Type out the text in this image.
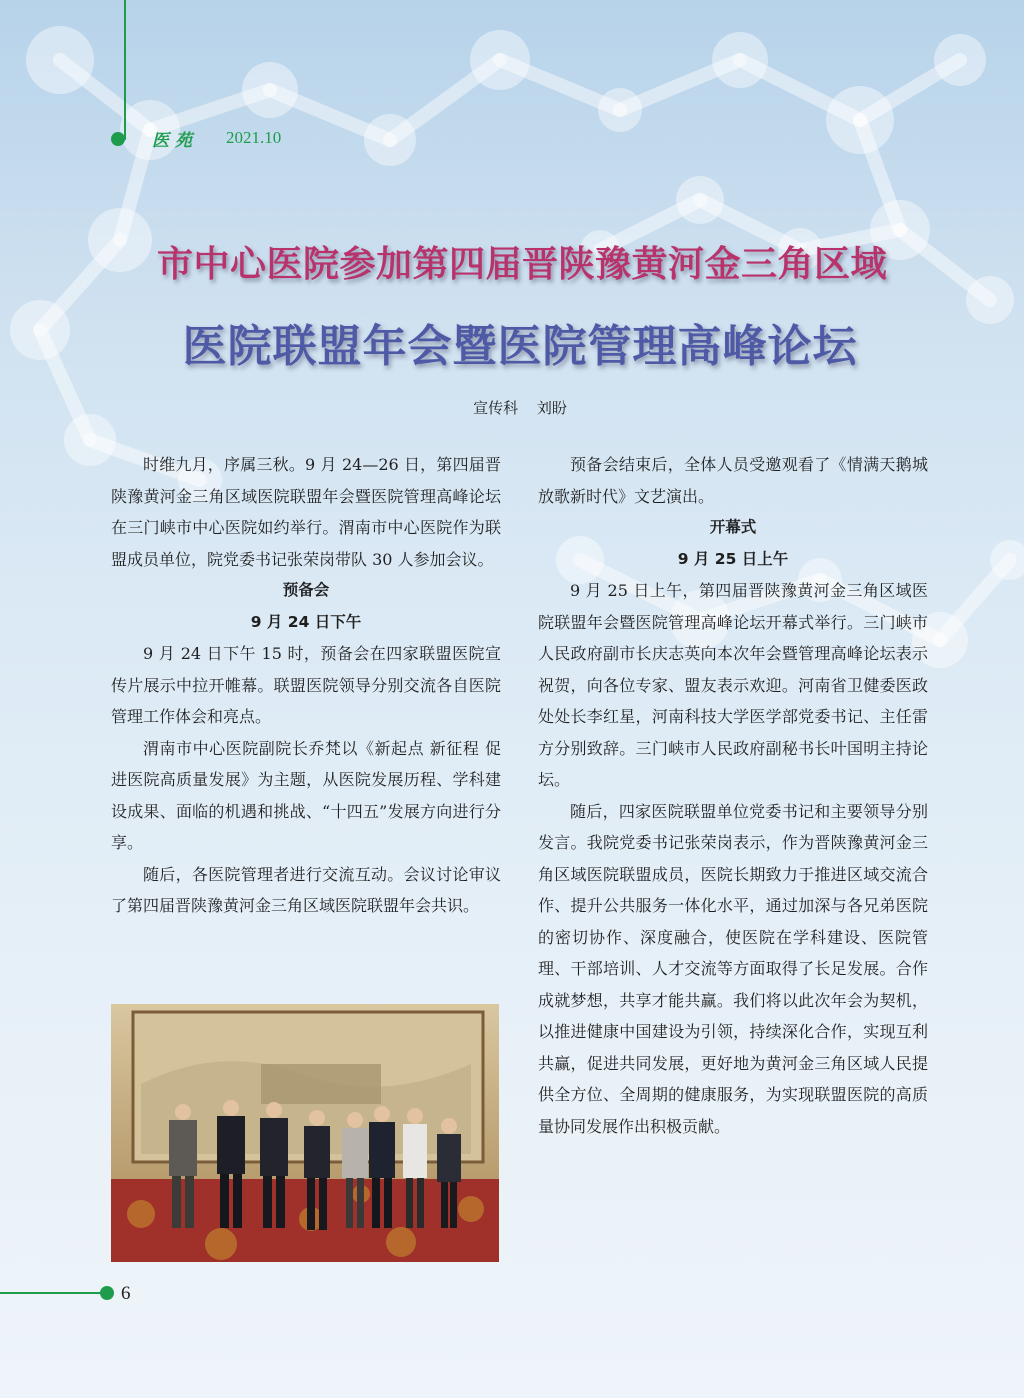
医苑 2021.10
市中心医院参加第四届晋陕豫黄河金三角区域
医院联盟年会暨医院管理高峰论坛
宣传科 刘盼

时维九月，序属三秋。9 月 24—26 日，第四届晋陕豫黄河金三角区域医院联盟年会暨医院管理高峰论坛在三门峡市中心医院如约举行。渭南市中心医院作为联盟成员单位，院党委书记张荣岗带队 30 人参加会议。

预备会
9 月 24 日下午

9 月 24 日下午 15 时，预备会在四家联盟医院宣传片展示中拉开帷幕。联盟医院领导分别交流各自医院管理工作体会和亮点。

渭南市中心医院副院长乔梵以《新起点 新征程 促进医院高质量发展》为主题，从医院发展历程、学科建设成果、面临的机遇和挑战、“十四五”发展方向进行分享。

随后，各医院管理者进行交流互动。会议讨论审议了第四届晋陕豫黄河金三角区域医院联盟年会共识。

预备会结束后，全体人员受邀观看了《情满天鹅城 放歌新时代》文艺演出。

开幕式
9 月 25 日上午

9 月 25 日上午，第四届晋陕豫黄河金三角区域医院联盟年会暨医院管理高峰论坛开幕式举行。三门峡市人民政府副市长庆志英向本次年会暨管理高峰论坛表示祝贺，向各位专家、盟友表示欢迎。河南省卫健委医政处处长李红星，河南科技大学医学部党委书记、主任雷方分别致辞。三门峡市人民政府副秘书长叶国明主持论坛。

随后，四家医院联盟单位党委书记和主要领导分别发言。我院党委书记张荣岗表示，作为晋陕豫黄河金三角区域医院联盟成员，医院长期致力于推进区域交流合作、提升公共服务一体化水平，通过加深与各兄弟医院的密切协作、深度融合，使医院在学科建设、医院管理、干部培训、人才交流等方面取得了长足发展。合作成就梦想，共享才能共赢。我们将以此次年会为契机，以推进健康中国建设为引领，持续深化合作，实现互利共赢，促进共同发展，更好地为黄河金三角区域人民提供全方位、全周期的健康服务，为实现联盟医院的高质量协同发展作出积极贡献。

6
